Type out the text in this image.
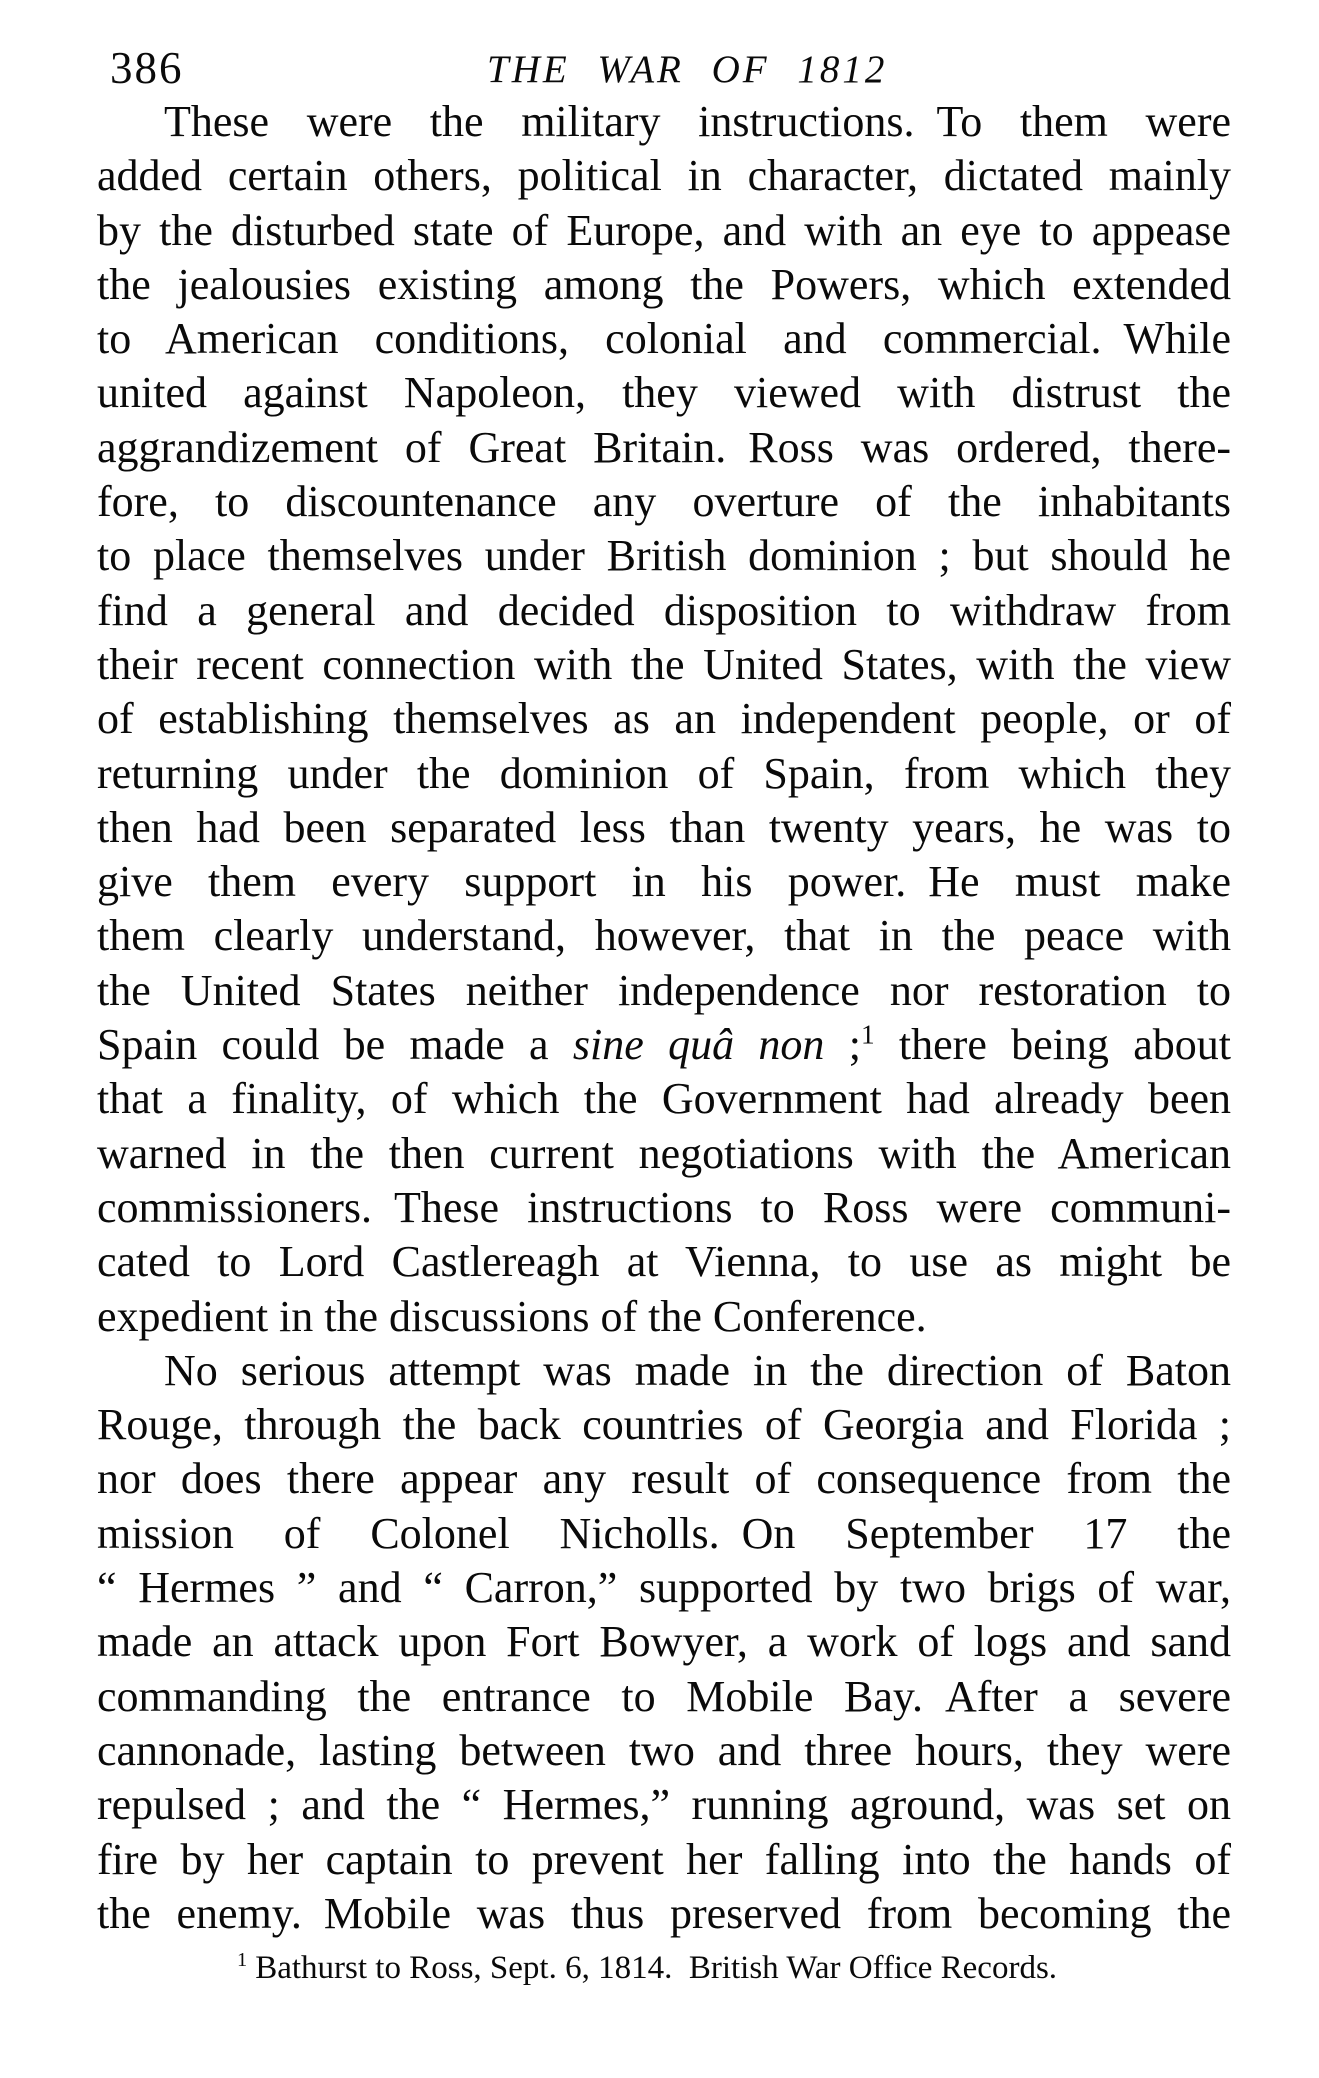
386	THE WAR OF 1812
These were the military instructions. To them were
added certain others, political in character, dictated mainly
by the disturbed state of Europe, and with an eye to appease
the jealousies existing among the Powers, which extended
to American conditions, colonial and commercial. While
united against Napoleon, they viewed with distrust the
aggrandizement of Great Britain. Ross was ordered, there-
fore, to discountenance any overture of the inhabitants
to place themselves under British dominion ; but should he
find a general and decided disposition to withdraw from
their recent connection with the United States, with the view
of establishing themselves as an independent people, or of
returning under the dominion of Spain, from which they
then had been separated less than twenty years, he was to
give them every support in his power. He must make
them clearly understand, however, that in the peace with
the United States neither independence nor restoration to
Spain could be made a sine quâ non ;$^1$ there being about
that a finality, of which the Government had already been
warned in the then current negotiations with the American
commissioners. These instructions to Ross were communi-
cated to Lord Castlereagh at Vienna, to use as might be
expedient in the discussions of the Conference.
No serious attempt was made in the direction of Baton
Rouge, through the back countries of Georgia and Florida ;
nor does there appear any result of consequence from the
mission of Colonel Nicholls. On September 17 the
“ Hermes ” and “ Carron,” supported by two brigs of war,
made an attack upon Fort Bowyer, a work of logs and sand
commanding the entrance to Mobile Bay. After a severe
cannonade, lasting between two and three hours, they were
repulsed ; and the “ Hermes,” running aground, was set on
fire by her captain to prevent her falling into the hands of
the enemy. Mobile was thus preserved from becoming the
$^1$ Bathurst to Ross, Sept. 6, 1814. British War Office Records.
